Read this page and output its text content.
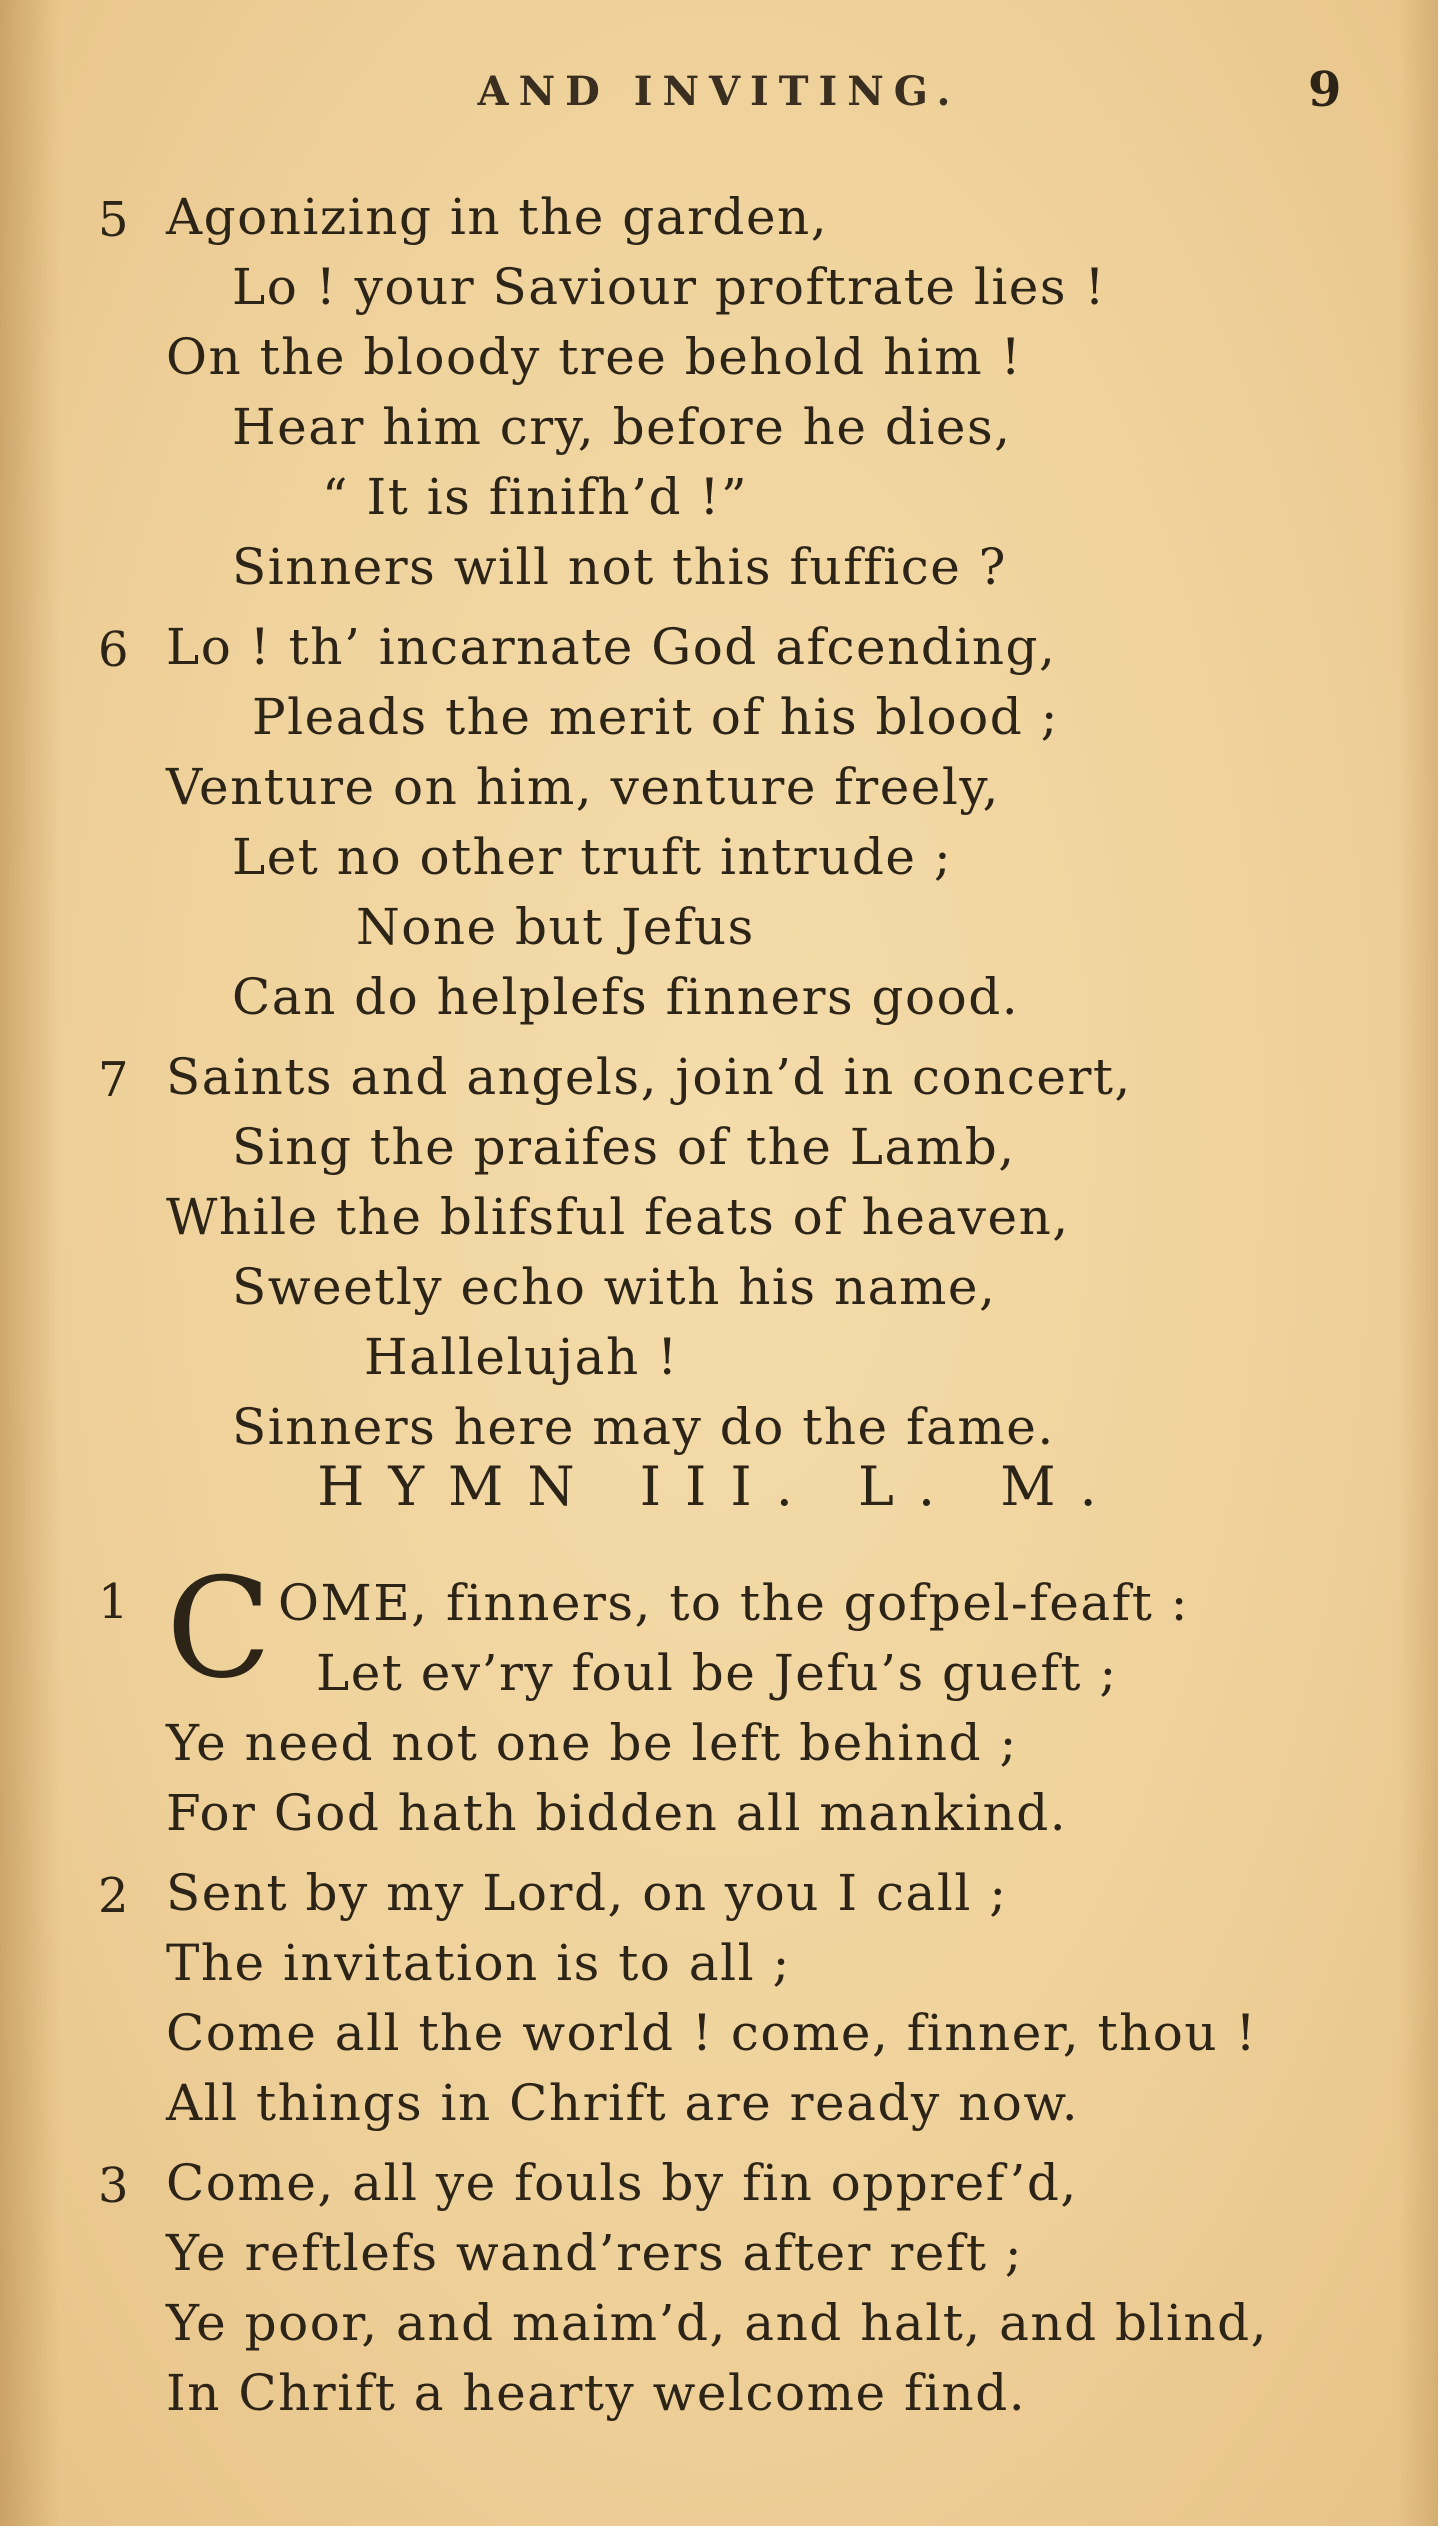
AND INVITING.	9
5 Agonizing in the garden,
Lo ! your Saviour proftrate lies !
On the bloody tree behold him !
Hear him cry, before he dies,
“ It is finifh’d !”
Sinners will not this fuffice ?
6 Lo ! th’ incarnate God afcending,
Pleads the merit of his blood ;
Venture on him, venture freely,
Let no other truft intrude ;
None but Jefus
Can do helplefs finners good.
7 Saints and angels, join’d in concert,
Sing the praifes of the Lamb,
While the blifsful feats of heaven,
Sweetly echo with his name,
Hallelujah !
Sinners here may do the fame.
HYMN III. L. M.
1 C OME, finners, to the gofpel-feaft :
Let ev’ry foul be Jefu’s gueft ;
Ye need not one be left behind ;
For God hath bidden all mankind.
2 Sent by my Lord, on you I call ;
The invitation is to all ;
Come all the world ! come, finner, thou !
All things in Chrift are ready now.
3 Come, all ye fouls by fin oppref’d,
Ye reftlefs wand’rers after reft ;
Ye poor, and maim’d, and halt, and blind,
In Chrift a hearty welcome find.
